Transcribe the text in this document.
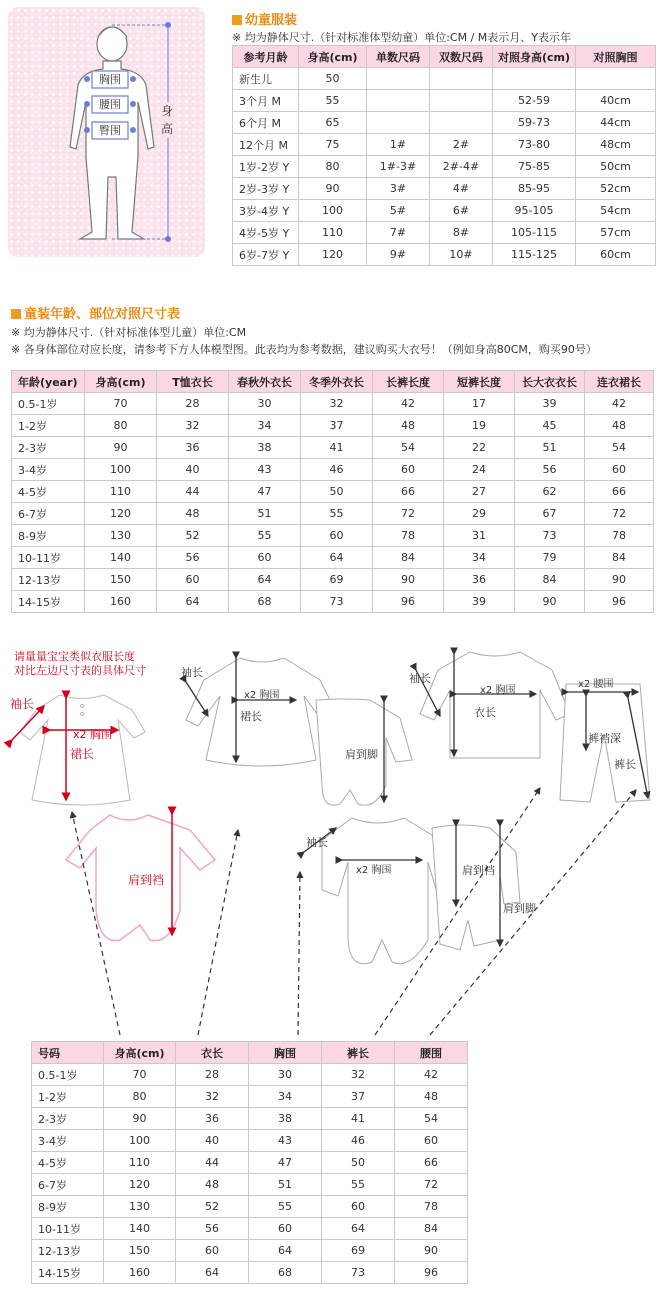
胸围
腰围
臀围
身高
幼童服装
※ 均为静体尺寸.（针对标准体型幼童）单位:CM / M表示月、Y表示年
参考月龄	身高(cm)	单数尺码	双数尺码	对照身高(cm)	对照胸围
新生儿	50				
3个月 M	55			52-59	40cm
6个月 M	65			59-73	44cm
12个月 M	75	1#	2#	73-80	48cm
1岁-2岁 Y	80	1#-3#	2#-4#	75-85	50cm
2岁-3岁 Y	90	3#	4#	85-95	52cm
3岁-4岁 Y	100	5#	6#	95-105	54cm
4岁-5岁 Y	110	7#	8#	105-115	57cm
6岁-7岁 Y	120	9#	10#	115-125	60cm
童装年龄、部位对照尺寸表
※ 均为静体尺寸.（针对标准体型儿童）单位:CM
※ 各身体部位对应长度，请参考下方人体模型图。此表均为参考数据，建议购买大衣号！（例如身高80CM，购买90号）
年龄(year)	身高(cm)	T恤衣长	春秋外衣长	冬季外衣长	长裤长度	短裤长度	长大衣衣长	连衣裙长
0.5-1岁	70	28	30	32	42	17	39	42
1-2岁	80	32	34	37	48	19	45	48
2-3岁	90	36	38	41	54	22	51	54
3-4岁	100	40	43	46	60	24	56	60
4-5岁	110	44	47	50	66	27	62	66
6-7岁	120	48	51	55	72	29	67	72
8-9岁	130	52	55	60	78	31	73	78
10-11岁	140	56	60	64	84	34	79	84
12-13岁	150	60	64	69	90	36	84	90
14-15岁	160	64	68	73	96	39	90	96
请量量宝宝类似衣服长度
对比左边尺寸表的具体尺寸
袖长
x2 胸围
裙长
肩到裆
袖长
x2 胸围
裙长
肩到脚
袖长
x2 胸围
衣长
x2 腰围
裤裆深
裤长
袖长
x2 胸围	肩到裆
肩到脚
号码	身高(cm)	衣长	胸围	裤长	腰围
0.5-1岁	70	28	30	32	42
1-2岁	80	32	34	37	48
2-3岁	90	36	38	41	54
3-4岁	100	40	43	46	60
4-5岁	110	44	47	50	66
6-7岁	120	48	51	55	72
8-9岁	130	52	55	60	78
10-11岁	140	56	60	64	84
12-13岁	150	60	64	69	90
14-15岁	160	64	68	73	96
